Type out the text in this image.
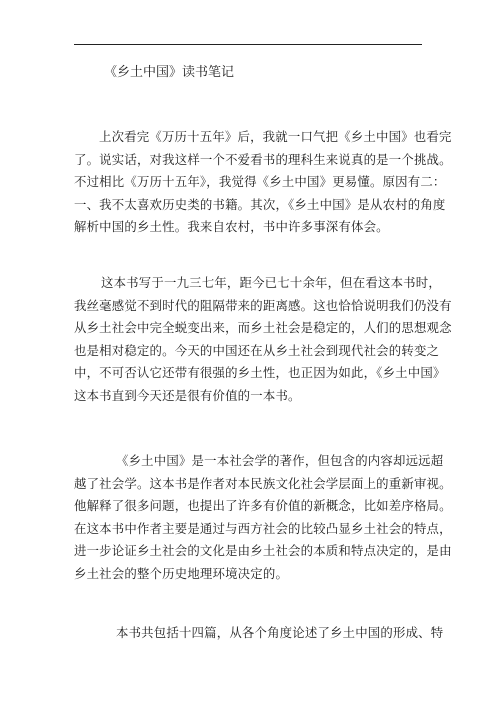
《乡土中国》读书笔记
上次看完《万历十五年》后，我就一口气把《乡土中国》也看完
了。说实话，对我这样一个不爱看书的理科生来说真的是一个挑战。
不过相比《万历十五年》，我觉得《乡土中国》更易懂。原因有二：
一、我不太喜欢历史类的书籍。其次，《乡土中国》是从农村的角度
解析中国的乡土性。我来自农村，书中许多事深有体会。
这本书写于一九三七年，距今已七十余年，但在看这本书时，
我丝毫感觉不到时代的阻隔带来的距离感。这也恰恰说明我们仍没有
从乡土社会中完全蜕变出来，而乡土社会是稳定的，人们的思想观念
也是相对稳定的。今天的中国还在从乡土社会到现代社会的转变之
中，不可否认它还带有很强的乡土性，也正因为如此，《乡土中国》
这本书直到今天还是很有价值的一本书。
《乡土中国》是一本社会学的著作，但包含的内容却远远超
越了社会学。这本书是作者对本民族文化社会学层面上的重新审视。
他解释了很多问题，也提出了许多有价值的新概念，比如差序格局。
在这本书中作者主要是通过与西方社会的比较凸显乡土社会的特点，
进一步论证乡土社会的文化是由乡土社会的本质和特点决定的，是由
乡土社会的整个历史地理环境决定的。
本书共包括十四篇，从各个角度论述了乡土中国的形成、特
